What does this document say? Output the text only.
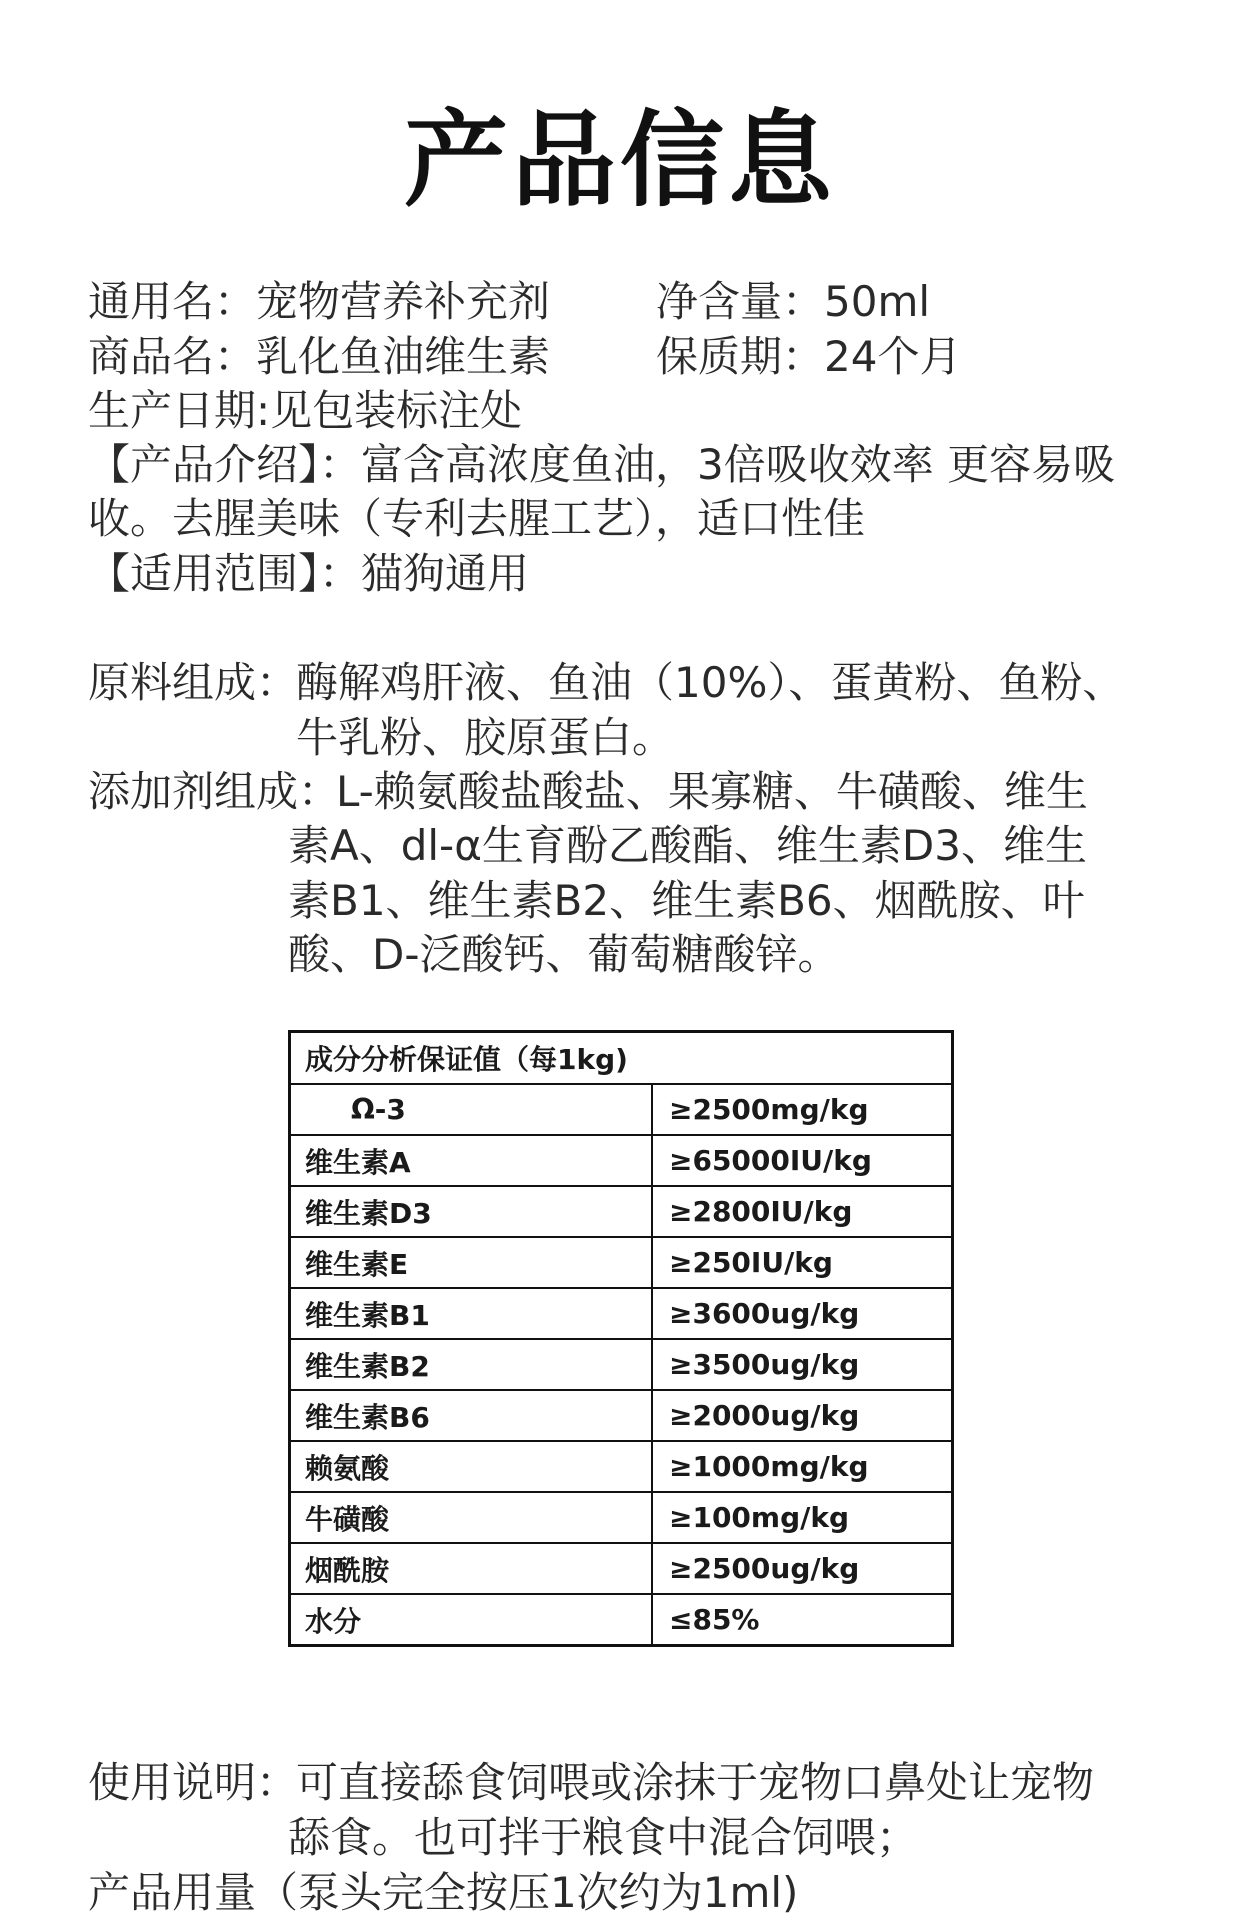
产品信息
通用名： 宠物营养补充剂	净含量： 50ml
商品名： 乳化鱼油维生素	保质期： 24个月
生产日期:见包装标注处
【产品介绍】：富含高浓度鱼油，3倍吸收效率 更容易吸
收。去腥美味（专利去腥工艺），适口性佳
【适用范围】：猫狗通用
原料组成：
酶解鸡肝液、鱼油（10%）、蛋黄粉、鱼粉、
牛乳粉、胶原蛋白。
添加剂组成：
L-赖氨酸盐酸盐、果寡糖、牛磺酸、维生
素A、dl-α生育酚乙酸酯、维生素D3、维生
素B1、维生素B2、维生素B6、烟酰胺、叶
酸、D-泛酸钙、葡萄糖酸锌。
成分分析保证值（每1kg)	
Ω-3	≥2500mg/kg
维生素A	≥65000IU/kg
维生素D3	≥2800IU/kg
维生素E	≥250IU/kg
维生素B1	≥3600ug/kg
维生素B2	≥3500ug/kg
维生素B6	≥2000ug/kg
赖氨酸	≥1000mg/kg
牛磺酸	≥100mg/kg
烟酰胺	≥2500ug/kg
水分	≤85%
使用说明：
可直接舔食饲喂或涂抹于宠物口鼻处让宠物
舔食。也可拌于粮食中混合饲喂；
产品用量（泵头完全按压1次约为1ml)
